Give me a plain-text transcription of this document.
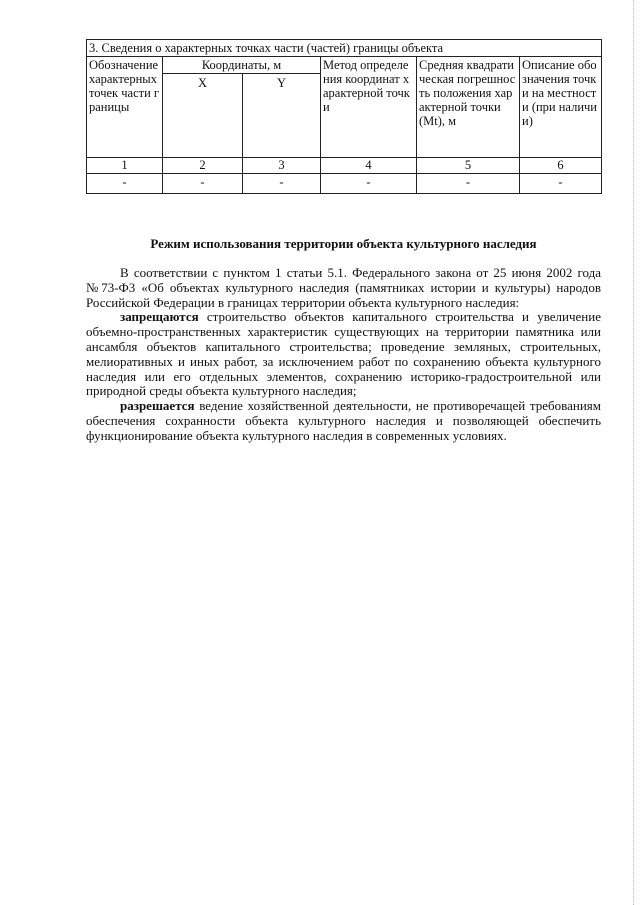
3. Сведения о характерных точках части (частей) границы объекта					
Обозначение характерных точек части границы	Координаты, м		Метод определения координат характерной точки	Средняя квадратическая погрешность положения характерной точки (Mt), м	Описание обозначения точки на местности (при наличии)
	X	Y			
1	2	3	4	5	6
-	-	-	-	-	-
Режим использования территории объекта культурного наследия

В соответствии с пунктом 1 статьи 5.1. Федерального закона от 25 июня 2002 года №73-Ф3 «Об объектах культурного наследия (памятниках истории и культуры) народов Российской Федерации в границах территории объекта культурного наследия:

запрещаются строительство объектов капитального строительства и увеличение объемно-пространственных характеристик существующих на территории памятника или ансамбля объектов капитального строительства; проведение земляных, строительных, мелиоративных и иных работ, за исключением работ по сохранению объекта культурного наследия или его отдельных элементов, сохранению историко-градостроительной или природной среды объекта культурного наследия;

разрешается ведение хозяйственной деятельности, не противоречащей требованиям обеспечения сохранности объекта культурного наследия и позволяющей обеспечить функционирование объекта культурного наследия в современных условиях.
